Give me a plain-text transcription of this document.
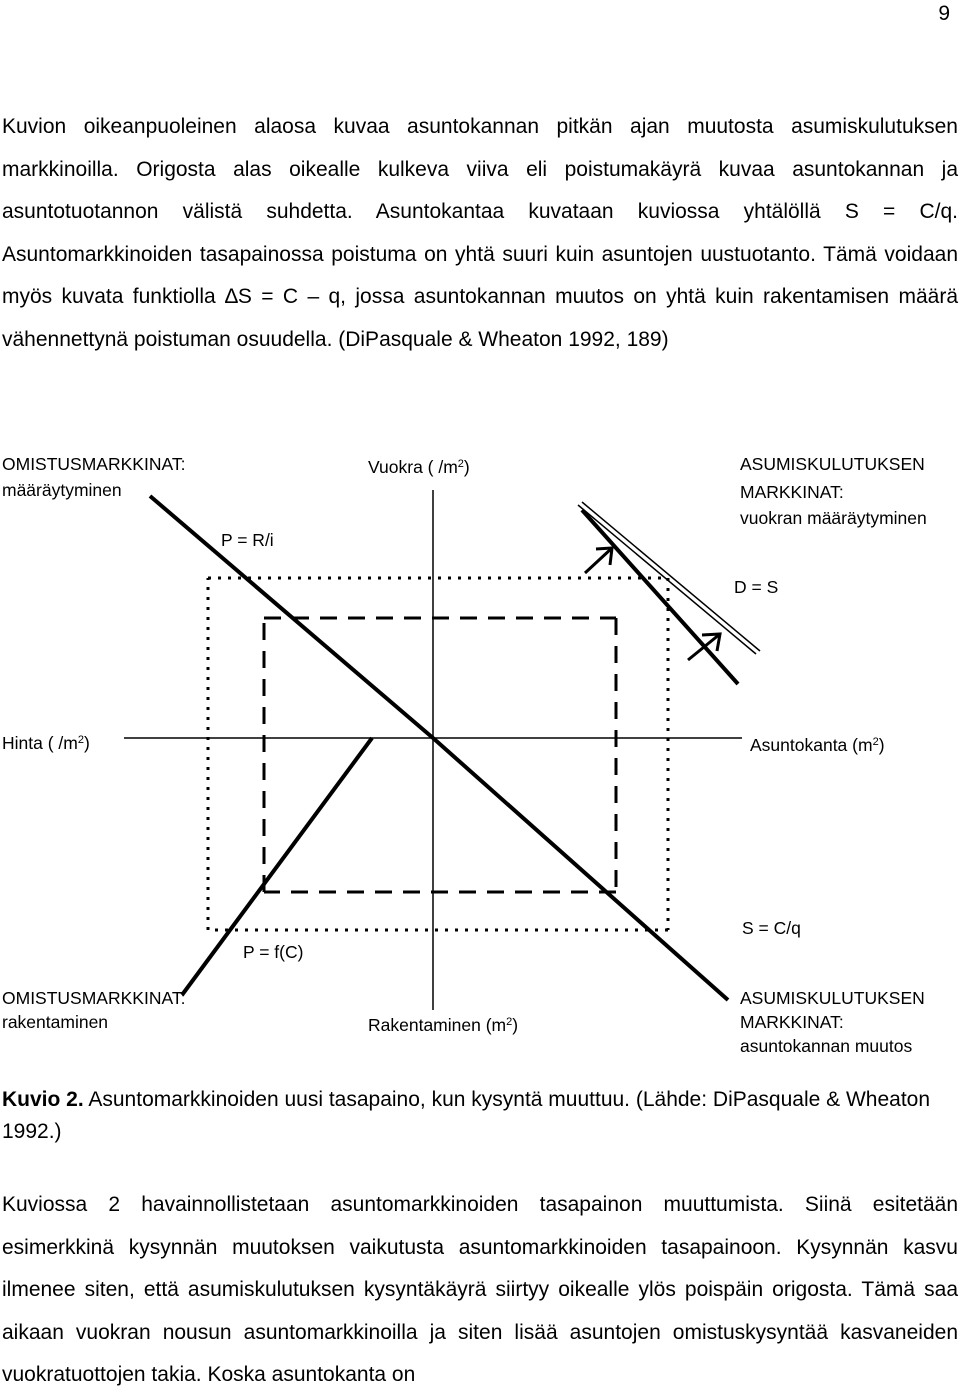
9

Kuvion oikeanpuoleinen alaosa kuvaa asuntokannan pitkän ajan muutosta asumiskulutuksen markkinoilla. Origosta alas oikealle kulkeva viiva eli poistumakäyrä kuvaa asuntokannan ja asuntotuotannon välistä suhdetta. Asuntokantaa kuvataan kuviossa yhtälöllä S = C/q. Asuntomarkkinoiden tasapainossa poistuma on yhtä suuri kuin asuntojen uustuotanto. Tämä voidaan myös kuvata funktiolla ∆S = C – q, jossa asuntokannan muutos on yhtä kuin rakentamisen määrä vähennettynä poistuman osuudella. (DiPasquale & Wheaton 1992, 189)

OMISTUSMARKKINAT:
määräytyminen
Vuokra ( $/m^2$)	ASUMISKULUTUKSEN
MARKKINAT:
vuokran määräytyminen
P = R/i
D = S
Hinta ( $/m^2$)	Asuntokanta $(m^2)$
S = C/q
P = f(C)
OMISTUSMARKKINAT:
rakentaminen	Rakentaminen $(m^2)$
ASUMISKULUTUKSEN
MARKKINAT:
asuntokannan muutos

Kuvio 2. Asuntomarkkinoiden uusi tasapaino, kun kysyntä muuttuu. (Lähde: DiPasquale & Wheaton 1992.)

Kuviossa 2 havainnollistetaan asuntomarkkinoiden tasapainon muuttumista. Siinä esitetään esimerkkinä kysynnän muutoksen vaikutusta asuntomarkkinoiden tasapainoon. Kysynnän kasvu ilmenee siten, että asumiskulutuksen kysyntäkäyrä siirtyy oikealle ylös poispäin origosta. Tämä saa aikaan vuokran nousun asuntomarkkinoilla ja siten lisää asuntojen omistuskysyntää kasvaneiden vuokratuottojen takia. Koska asuntokanta on
